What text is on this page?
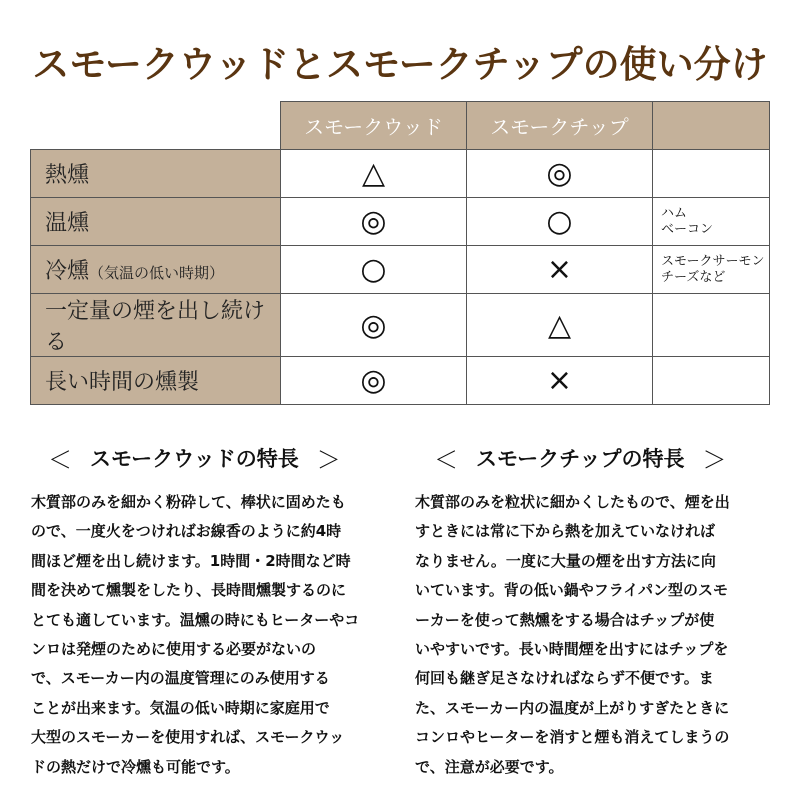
スモークウッドとスモークチップの使い分け
	スモークウッド	スモークチップ	
熱燻	△	◎	
温燻	◎	○	ハム
ベーコン

冷燻（気温の低い時期）	○	×	スモークサーモン
チーズなど

一定量の煙を出し続ける	◎	△	
長い時間の燻製	◎	×	
＜ スモークウッドの特長 ＞	＜ スモークチップの特長 ＞
木質部のみを細かく粉砕して、棒状に固めたも
ので、一度火をつければお線香のように約4時
間ほど煙を出し続けます。1時間・2時間など時
間を決めて燻製をしたり、長時間燻製するのに
とても適しています。温燻の時にもヒーターやコ
ンロは発煙のために使用する必要がないの
で、スモーカー内の温度管理にのみ使用する
ことが出来ます。気温の低い時期に家庭用で
大型のスモーカーを使用すれば、スモークウッ
ドの熱だけで冷燻も可能です。
木質部のみを粒状に細かくしたもので、煙を出
すときには常に下から熱を加えていなければ
なりません。一度に大量の煙を出す方法に向
いています。背の低い鍋やフライパン型のスモ
ーカーを使って熱燻をする場合はチップが使
いやすいです。長い時間煙を出すにはチップを
何回も継ぎ足さなければならず不便です。ま
た、スモーカー内の温度が上がりすぎたときに
コンロやヒーターを消すと煙も消えてしまうの
で、注意が必要です。
